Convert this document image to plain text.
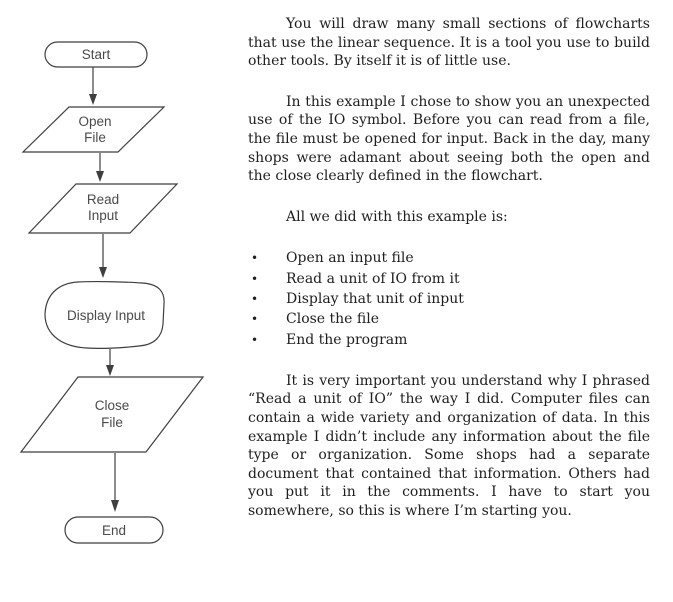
Start
Open
File
Read
Input
Display Input
Close
File
End

You will draw many small sections of flowcharts that use the linear sequence. It is a tool you use to build other tools. By itself it is of little use.

In this example I chose to show you an unexpected use of the IO symbol. Before you can read from a file, the file must be opened for input. Back in the day, many shops were adamant about seeing both the open and the close clearly defined in the flowchart.

All we did with this example is:

•	Open an input file
•	Read a unit of IO from it
•	Display that unit of input
•	Close the file
•	End the program

It is very important you understand why I phrased “Read a unit of IO” the way I did. Computer files can contain a wide variety and organization of data. In this example I didn’t include any information about the file type or organization. Some shops had a separate document that contained that information. Others had you put it in the comments. I have to start you somewhere, so this is where I’m starting you.
